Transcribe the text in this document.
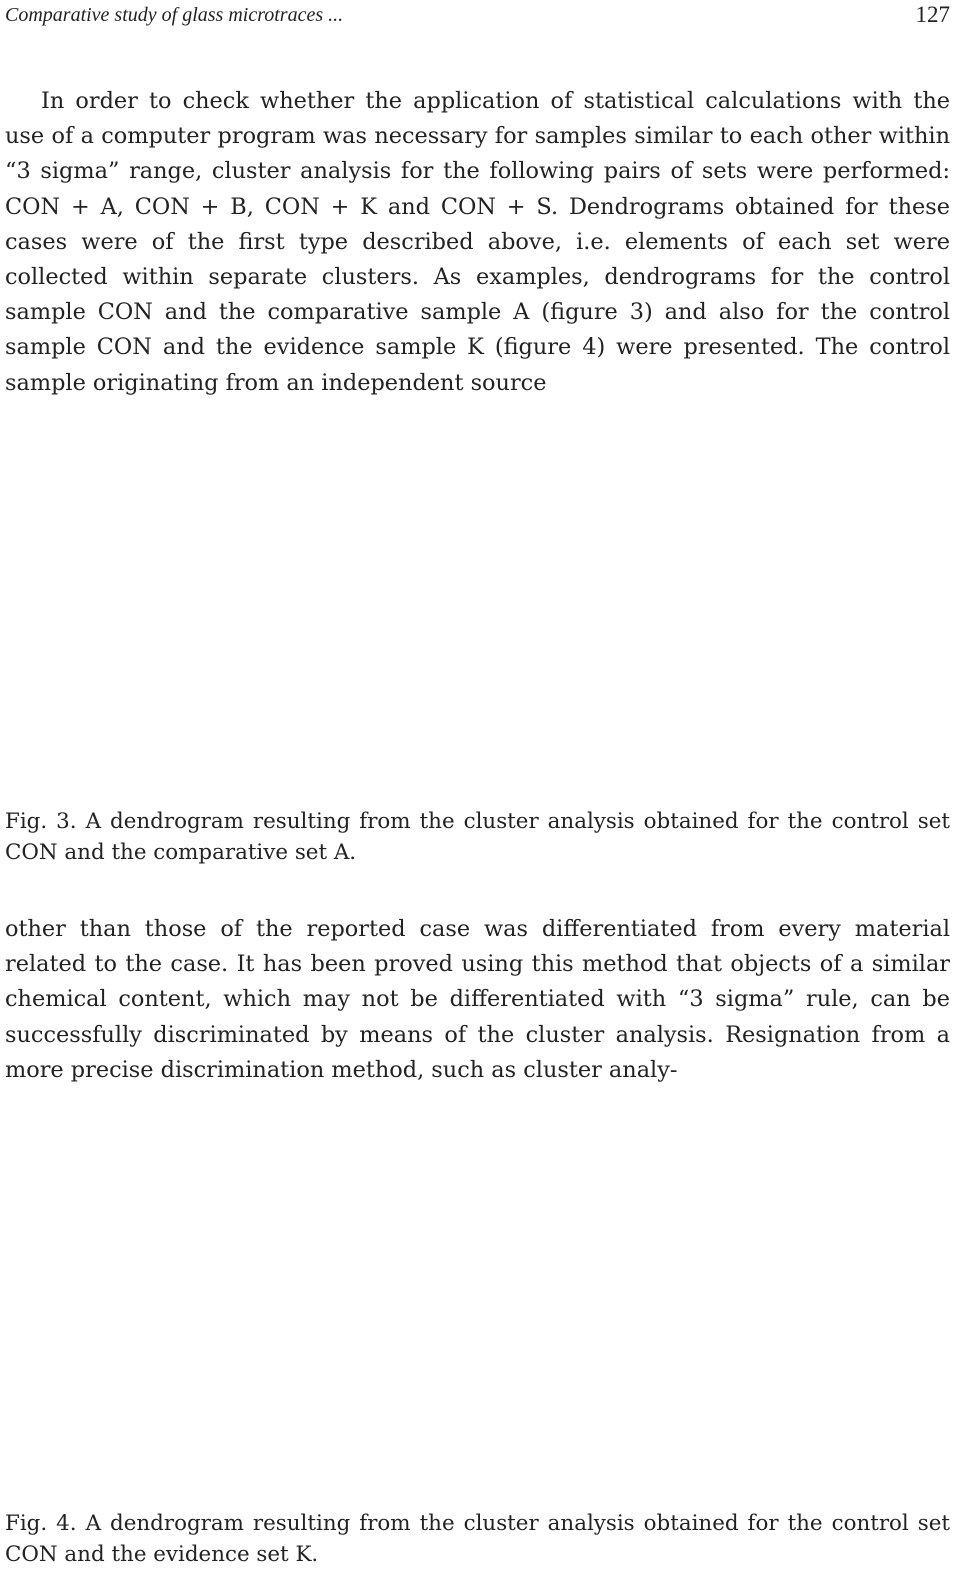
Comparative study of glass microtraces ...	127

In order to check whether the application of statistical calculations with the use of a computer program was necessary for samples similar to each other within “3 sigma” range, cluster analysis for the following pairs of sets were performed: CON + A, CON + B, CON + K and CON + S. Dendrograms obtained for these cases were of the first type described above, i.e. elements of each set were collected within separate clusters. As examples, dendrograms for the control sample CON and the comparative sample A (figure 3) and also for the control sample CON and the evidence sample K (figure 4) were presented. The control sample originating from an independent source

Fig. 3. A dendrogram resulting from the cluster analysis obtained for the control set CON and the comparative set A.

other than those of the reported case was differentiated from every material related to the case. It has been proved using this method that objects of a similar chemical content, which may not be differentiated with “3 sigma” rule, can be successfully discriminated by means of the cluster analysis. Resignation from a more precise discrimination method, such as cluster analy-

Fig. 4. A dendrogram resulting from the cluster analysis obtained for the control set CON and the evidence set K.
